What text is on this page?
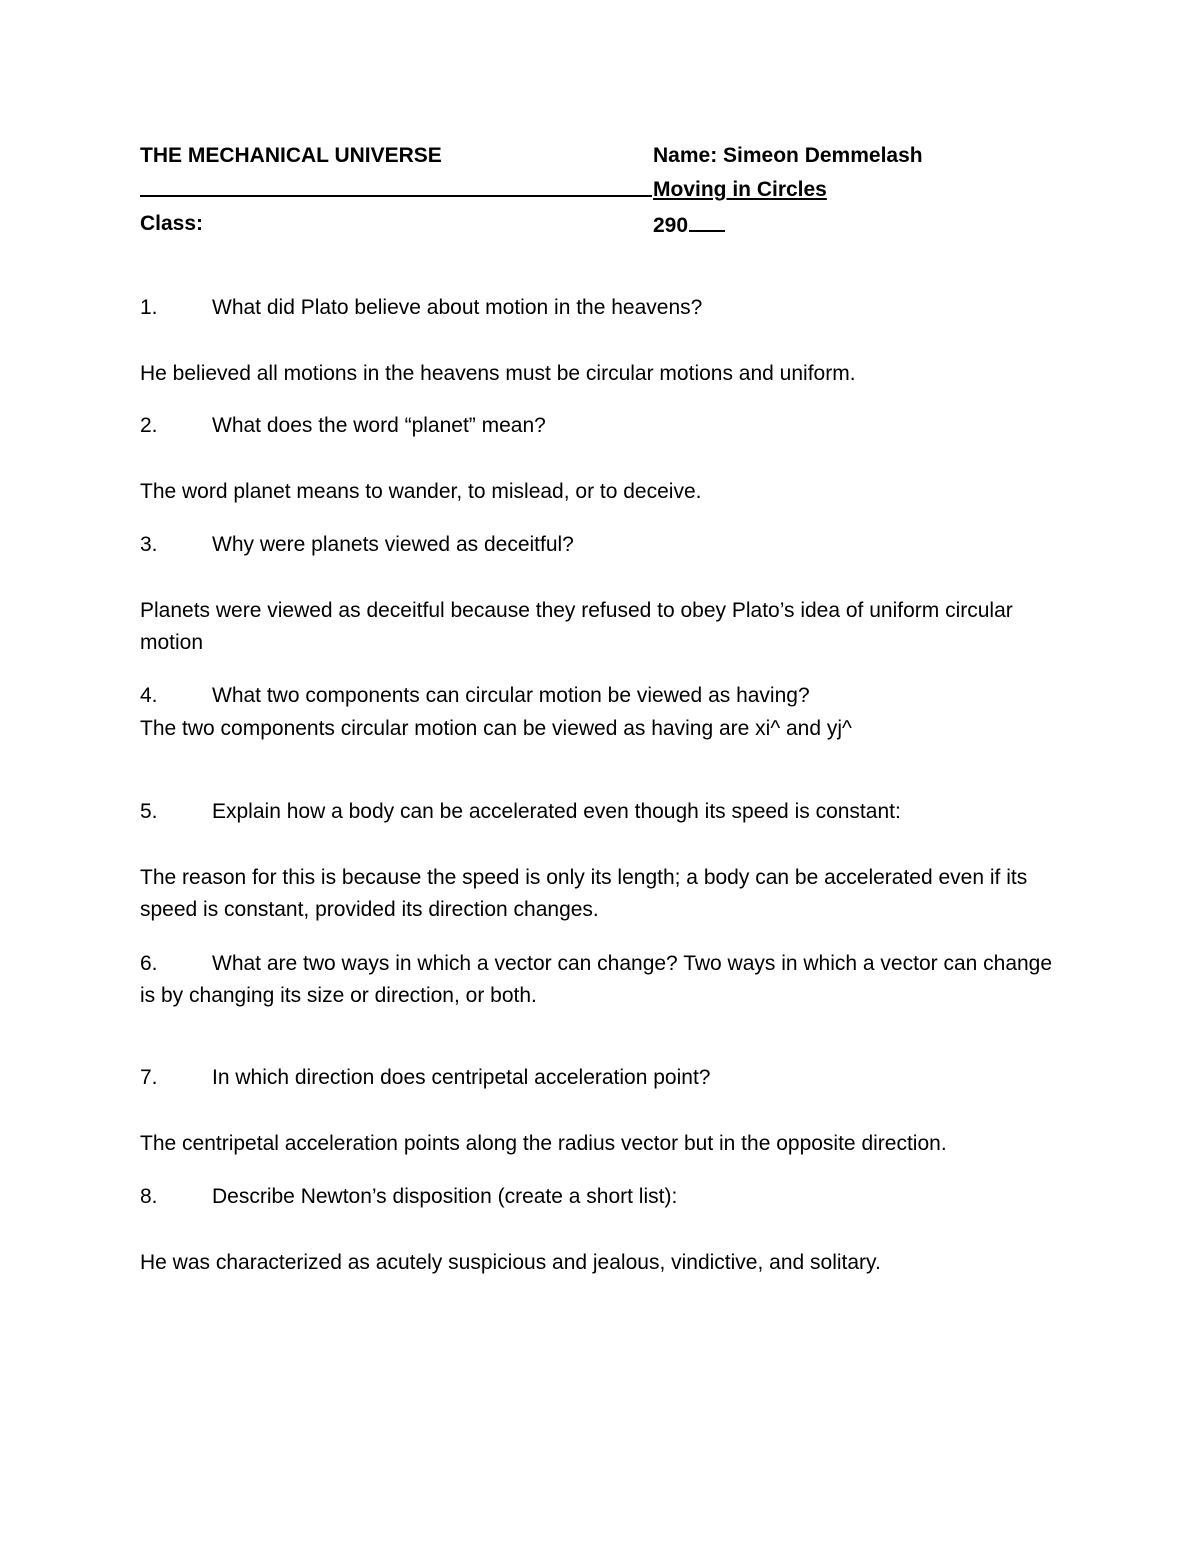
THE MECHANICAL UNIVERSE	Name: Simeon Demmelash
Moving in Circles
Class:	290
1.	What did Plato believe about motion in the heavens?
He believed all motions in the heavens must be circular motions and uniform.
2.	What does the word “planet” mean?
The word planet means to wander, to mislead, or to deceive.
3.	Why were planets viewed as deceitful?
Planets were viewed as deceitful because they refused to obey Plato’s idea of uniform circular motion
4.	What two components can circular motion be viewed as having?
The two components circular motion can be viewed as having are xi^ and yj^
5.	Explain how a body can be accelerated even though its speed is constant:
The reason for this is because the speed is only its length; a body can be accelerated even if its speed is constant, provided its direction changes.
6.	What are two ways in which a vector can change? Two ways in which a vector can change is by changing its size or direction, or both.
7.	In which direction does centripetal acceleration point?
The centripetal acceleration points along the radius vector but in the opposite direction.
8.	Describe Newton’s disposition (create a short list):
He was characterized as acutely suspicious and jealous, vindictive, and solitary.
